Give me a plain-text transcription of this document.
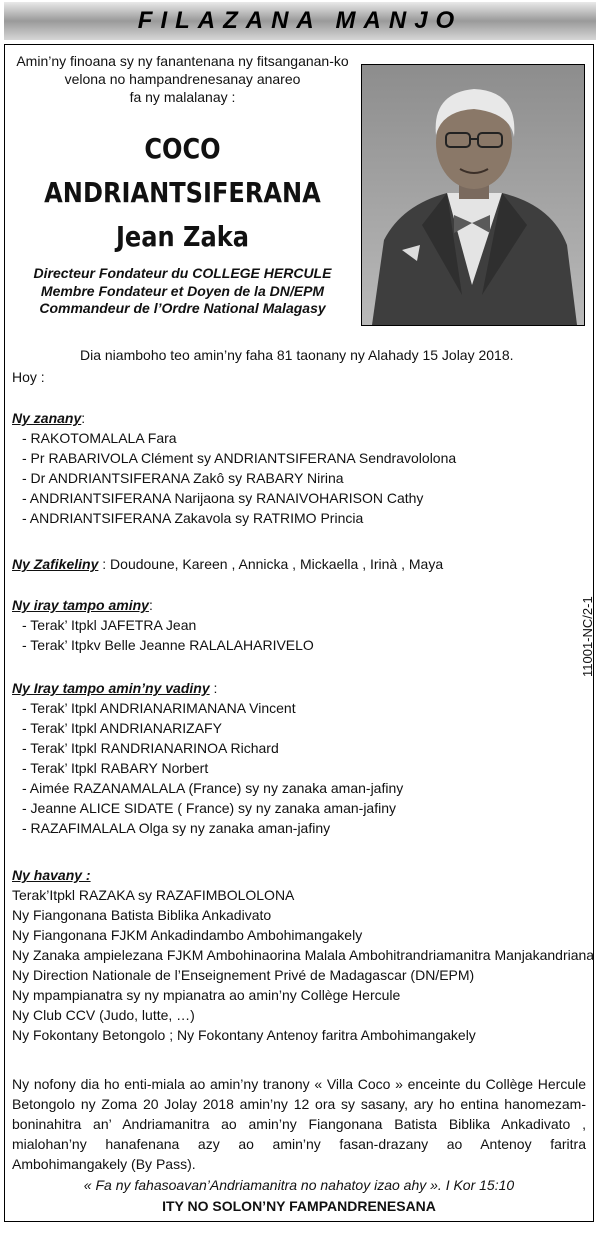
FILAZANA MANJO
Amin’ny finoana sy ny fanantenana ny fitsanganan-ko
velona no hampandrenesanay anareo
fa ny malalanay :
COCO
ANDRIANTSIFERANA
Jean Zaka
Directeur Fondateur du COLLEGE HERCULE
Membre Fondateur et Doyen de la DN/EPM
Commandeur de l’Ordre National Malagasy
Dia niamboho teo amin’ny faha 81 taonany ny Alahady 15 Jolay 2018.
Hoy :
Ny zanany:
- RAKOTOMALALA Fara
- Pr RABARIVOLA Clément sy ANDRIANTSIFERANA Sendravololona
- Dr ANDRIANTSIFERANA Zakô sy RABARY Nirina
- ANDRIANTSIFERANA Narijaona sy RANAIVOHARISON Cathy
- ANDRIANTSIFERANA Zakavola sy RATRIMO Princia
Ny Zafikeliny : Doudoune, Kareen , Annicka , Mickaella , Irinà , Maya
Ny iray tampo aminy:
- Terak’ Itpkl JAFETRA Jean
- Terak’ Itpkv Belle Jeanne RALALAHARIVELO
Ny Iray tampo amin’ny vadiny :
- Terak’ Itpkl ANDRIANARIMANANA Vincent
- Terak’ Itpkl ANDRIANARIZAFY
- Terak’ Itpkl RANDRIANARINOA Richard
- Terak’ Itpkl RABARY Norbert
- Aimée RAZANAMALALA (France) sy ny zanaka aman-jafiny
- Jeanne ALICE SIDATE ( France) sy ny zanaka aman-jafiny
- RAZAFIMALALA Olga sy ny zanaka aman-jafiny
Ny havany :
Terak’Itpkl RAZAKA sy RAZAFIMBOLOLONA
Ny Fiangonana Batista Biblika Ankadivato
Ny Fiangonana FJKM Ankadindambo Ambohimangakely
Ny Zanaka ampielezana FJKM Ambohinaorina Malala Ambohitrandriamanitra Manjakandriana
Ny Direction Nationale de l’Enseignement Privé de Madagascar (DN/EPM)
Ny mpampianatra sy ny mpianatra ao amin’ny Collège Hercule
Ny Club CCV (Judo, lutte, …)
Ny Fokontany Betongolo ; Ny Fokontany Antenoy faritra Ambohimangakely
Ny nofony dia ho enti-miala ao amin’ny tranony « Villa Coco » enceinte du Collège Hercule Betongolo ny Zoma 20 Jolay 2018 amin’ny 12 ora sy sasany, ary ho entina hanomezam-boninahitra an’ Andriamanitra ao amin’ny Fiangonana Batista Biblika Ankadivato , mialohan’ny hanafenana azy ao amin’ny fasan-drazany ao Antenoy faritra Ambohimangakely (By Pass).
« Fa ny fahasoavan’Andriamanitra no nahatoy izao ahy ». I Kor 15:10
ITY NO SOLON’NY FAMPANDRENESANA
11001-NC/2-1
